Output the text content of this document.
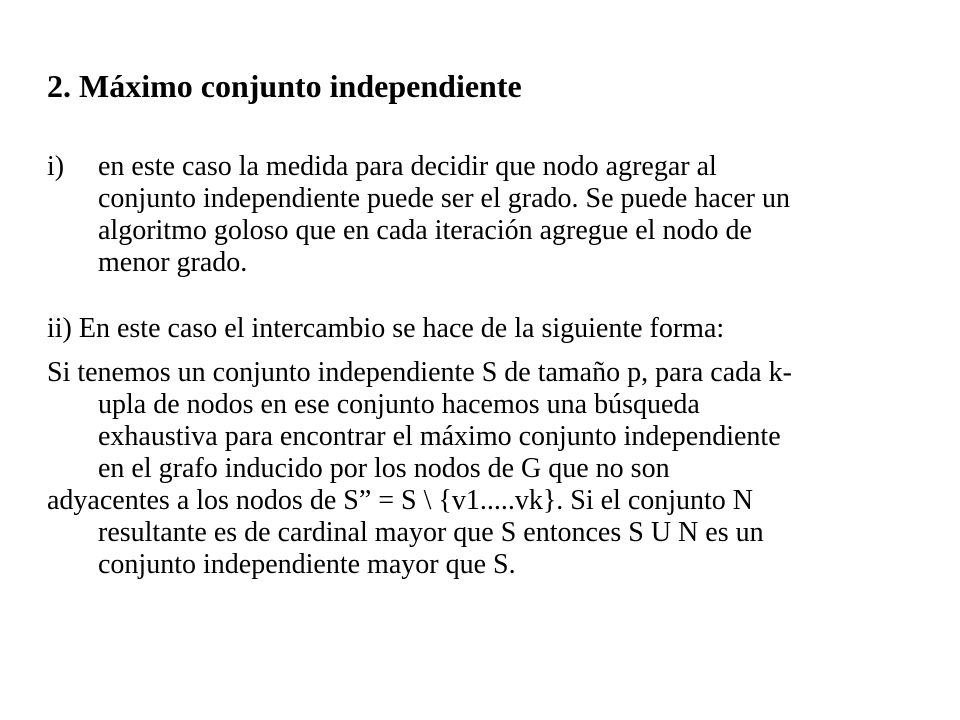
2. Máximo conjunto independiente
i) en este caso la medida para decidir que nodo agregar al
conjunto independiente puede ser el grado. Se puede hacer un
algoritmo goloso que en cada iteración agregue el nodo de
menor grado.
ii) En este caso el intercambio se hace de la siguiente forma:
Si tenemos un conjunto independiente S de tamaño p, para cada k-
upla de nodos en ese conjunto hacemos una búsqueda
exhaustiva para encontrar el máximo conjunto independiente
en el grafo inducido por los nodos de G que no son
adyacentes a los nodos de S” = S \ {v1.....vk}. Si el conjunto N
resultante es de cardinal mayor que S entonces S U N es un
conjunto independiente mayor que S.
